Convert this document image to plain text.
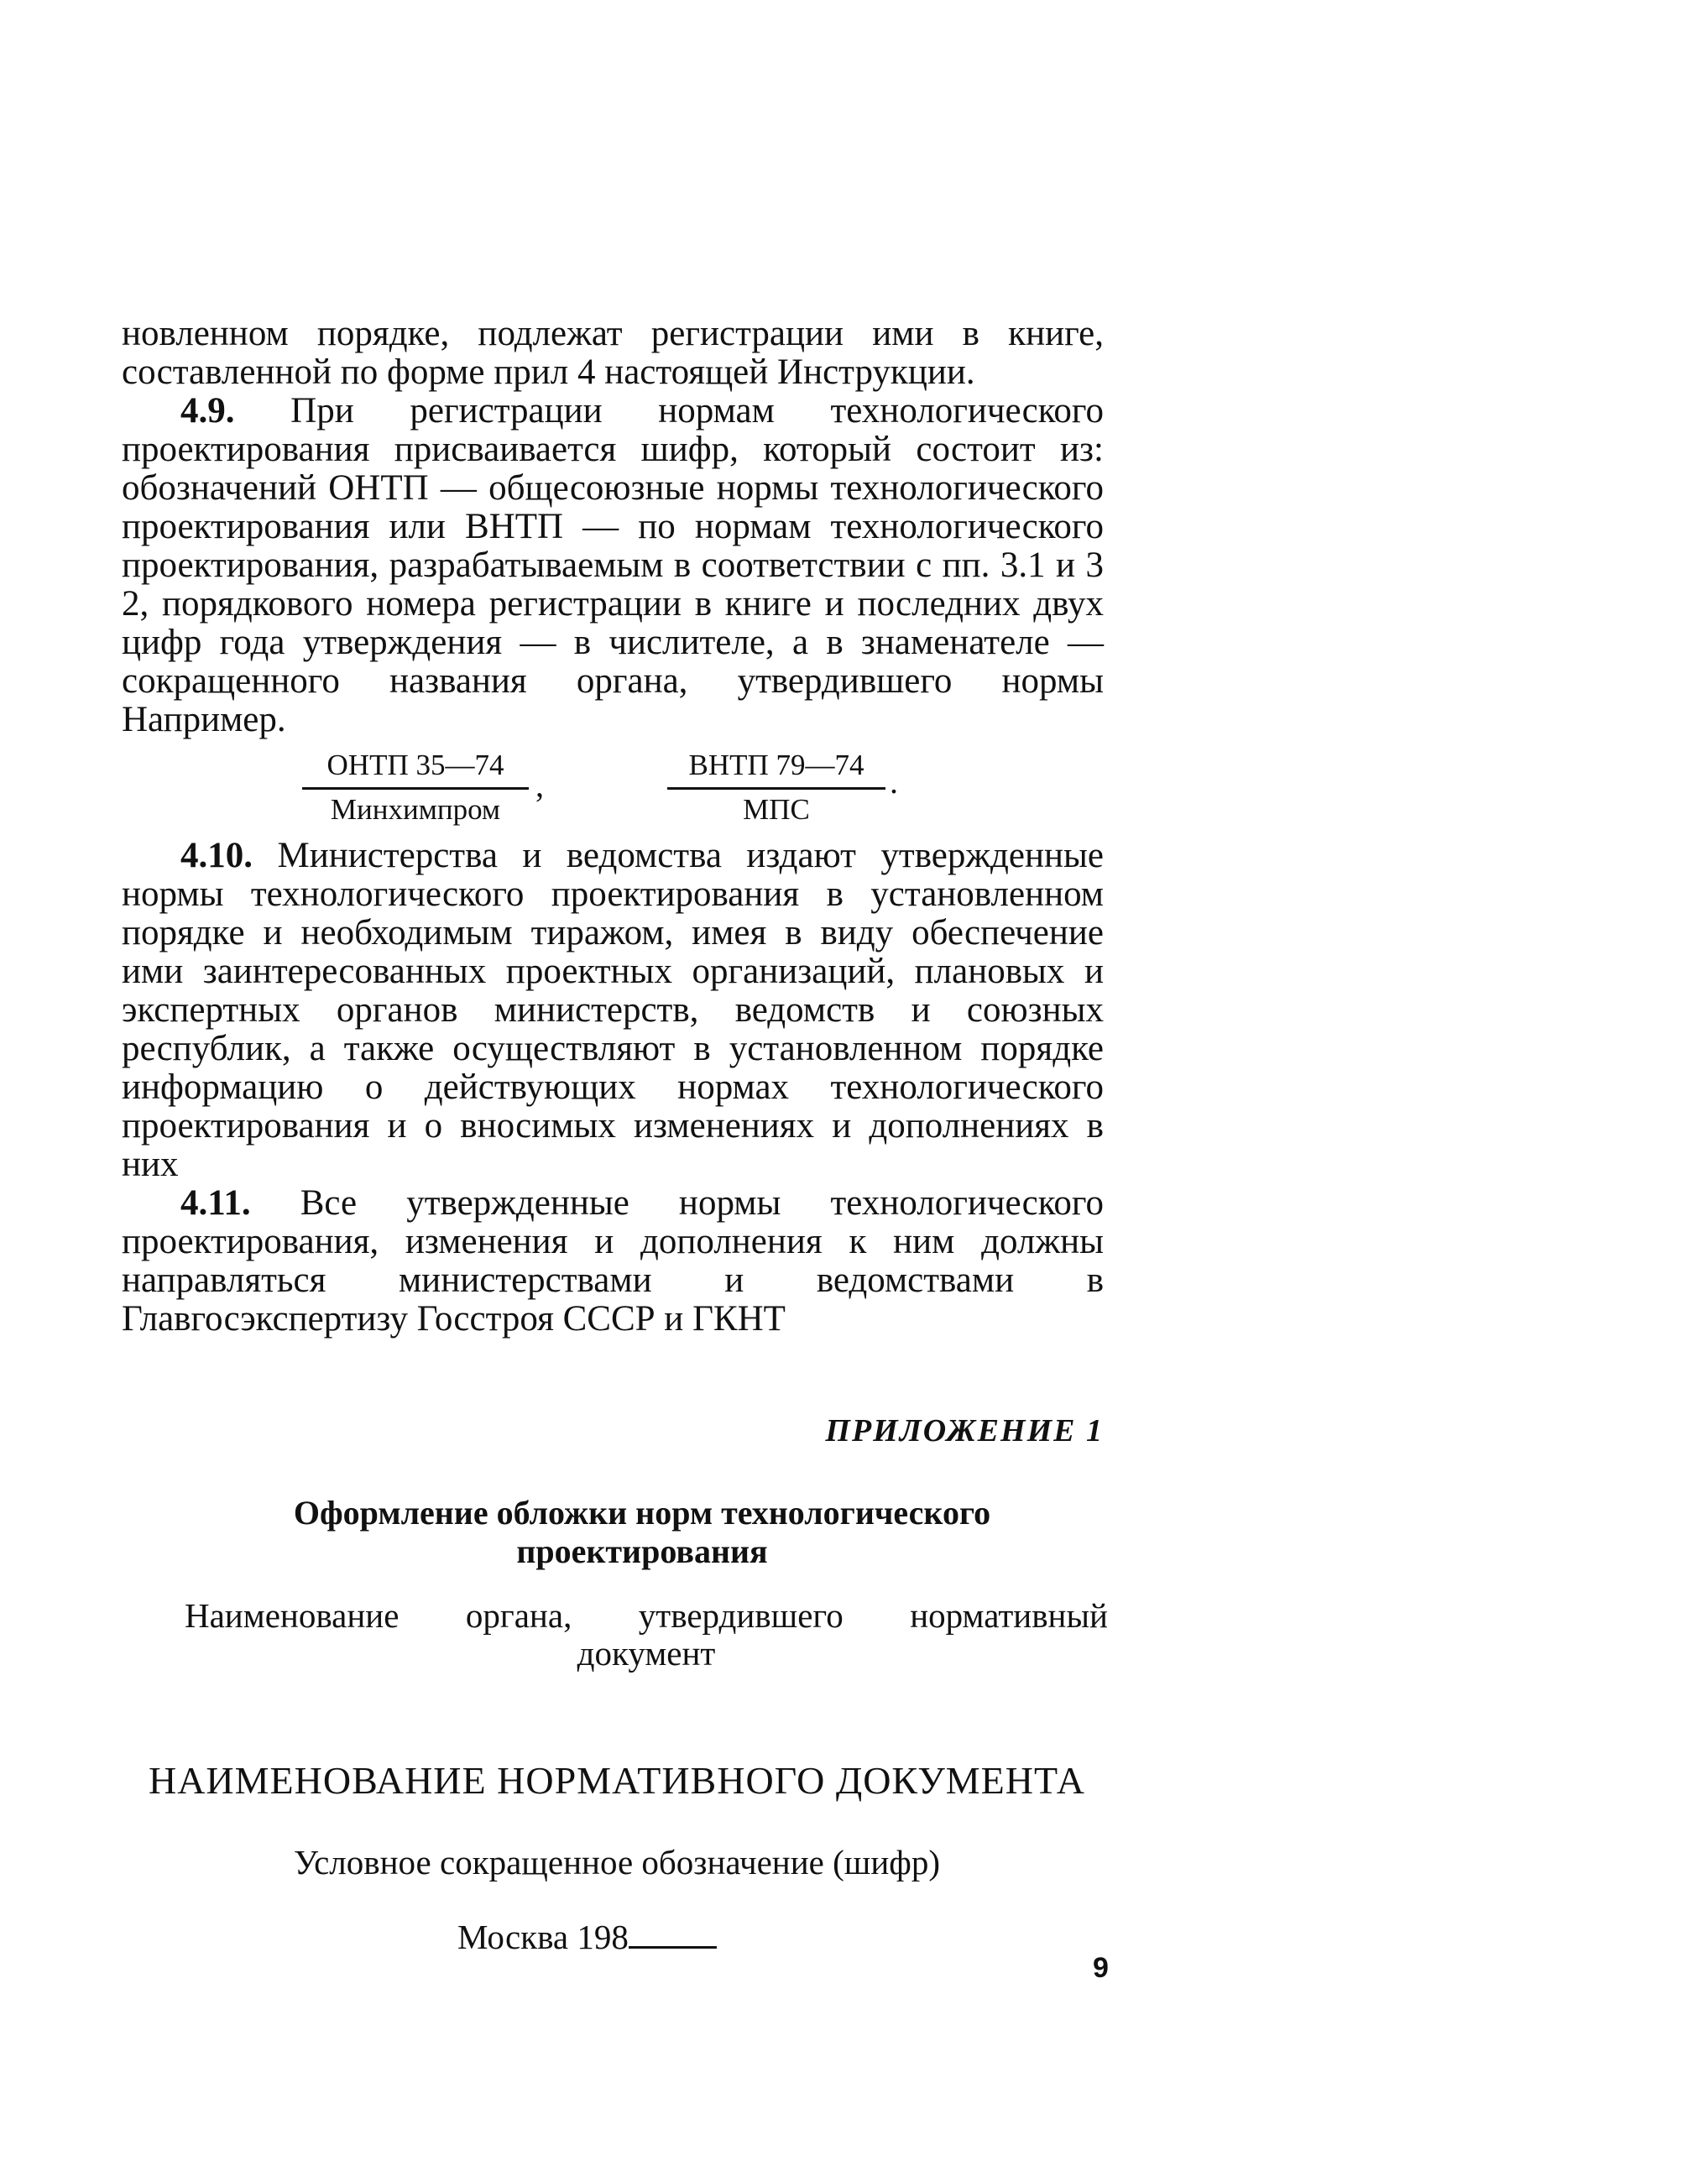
новленном порядке, подлежат регистрации ими в книге, составленной по форме прил 4 настоящей Инструкции.

4.9. При регистрации нормам технологического проектирования присваивается шифр, который состоит из: обозначений ОНТП — общесоюзные нормы технологического проектирования или ВНТП — по нормам технологического проектирования, разрабатываемым в соответствии с пп. 3.1 и 3 2, порядкового номера регистрации в книге и последних двух цифр года утверждения — в числителе, а в знаменателе — сокращенного названия органа, утвердившего нормы Например.

ОНТП 35—74
Минхимпром
,
ВНТП 79—74
МПС
.

4.10. Министерства и ведомства издают утвержденные нормы технологического проектирования в установленном порядке и необходимым тиражом, имея в виду обеспечение ими заинтересованных проектных организаций, плановых и экспертных органов министерств, ведомств и союзных республик, а также осуществляют в установленном порядке информацию о действующих нормах технологического проектирования и о вносимых изменениях и дополнениях в них

4.11. Все утвержденные нормы технологического проектирования, изменения и дополнения к ним должны направляться министерствами и ведомствами в Главгосэкспертизу Госстроя СССР и ГКНТ

ПРИЛОЖЕНИЕ 1
Оформление обложки норм технологического
проектирования
Наименование органа, утвердившего нормативный
документ
НАИМЕНОВАНИЕ НОРМАТИВНОГО ДОКУМЕНТА
Условное сокращенное обозначение (шифр)
Москва 198
9
